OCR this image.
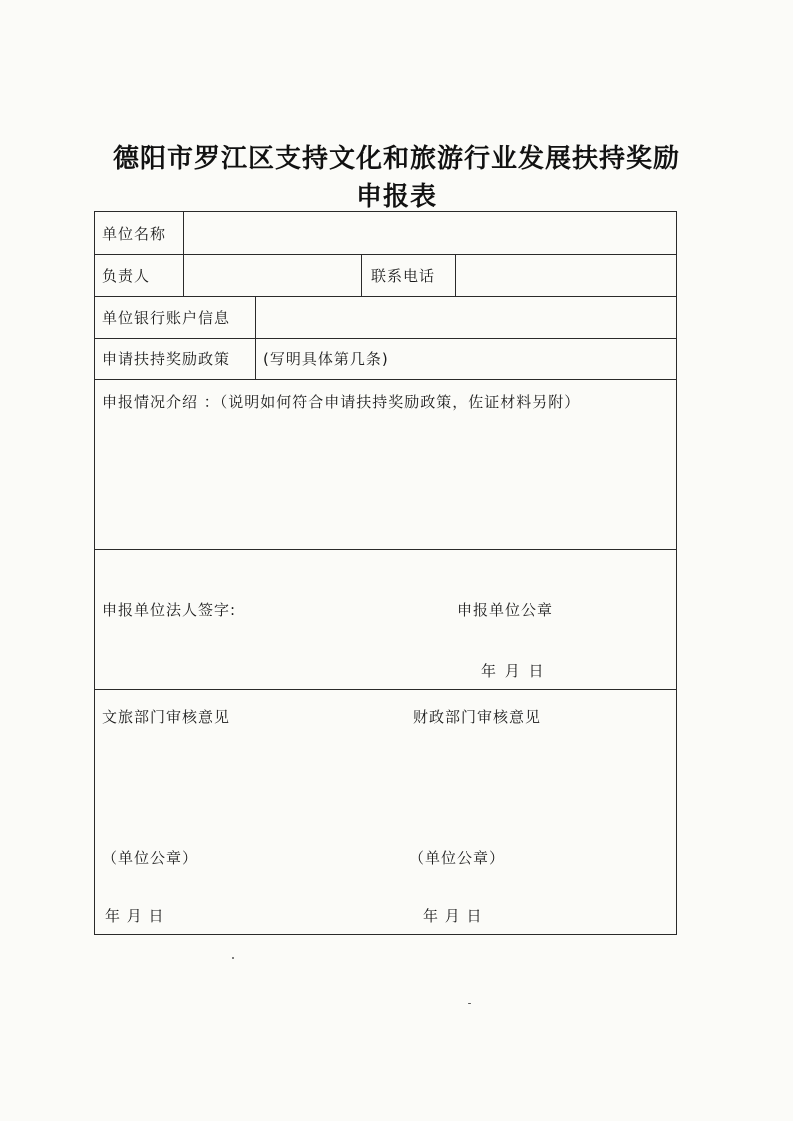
德阳市罗江区支持文化和旅游行业发展扶持奖励
申报表
单位名称
负责人	联系电话
单位银行账户信息
申请扶持奖励政策 (写明具体第几条)
申报情况介绍 ：（说明如何符合申请扶持奖励政策，佐证材料另附）
申报单位法人签字:	申报单位公章
年 月 日
文旅部门审核意见	财政部门审核意见
（单位公章）	（单位公章）
年 月 日	年 月 日
